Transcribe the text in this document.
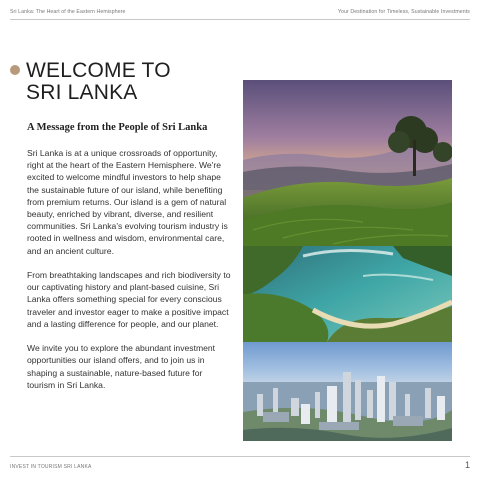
Sri Lanka: The Heart of the Eastern Hemisphere	Your Destination for Timeless, Sustainable Investments
WELCOME TO
SRI LANKA
A Message from the People of Sri Lanka

Sri Lanka is at a unique crossroads of opportunity, right at the heart of the Eastern Hemisphere. We're excited to welcome mindful investors to help shape the sustainable future of our island, while benefiting from premium returns. Our island is a gem of natural beauty, enriched by vibrant, diverse, and resilient communities. Sri Lanka's evolving tourism industry is rooted in wellness and wisdom, environmental care, and an ancient culture.

From breathtaking landscapes and rich biodiversity to our captivating history and plant-based cuisine, Sri Lanka offers something special for every conscious traveler and investor eager to make a positive impact and a lasting difference for people, and our planet.

We invite you to explore the abundant investment opportunities our island offers, and to join us in shaping a sustainable, nature-based future for tourism in Sri Lanka.

INVEST IN TOURISM SRI LANKA	1
